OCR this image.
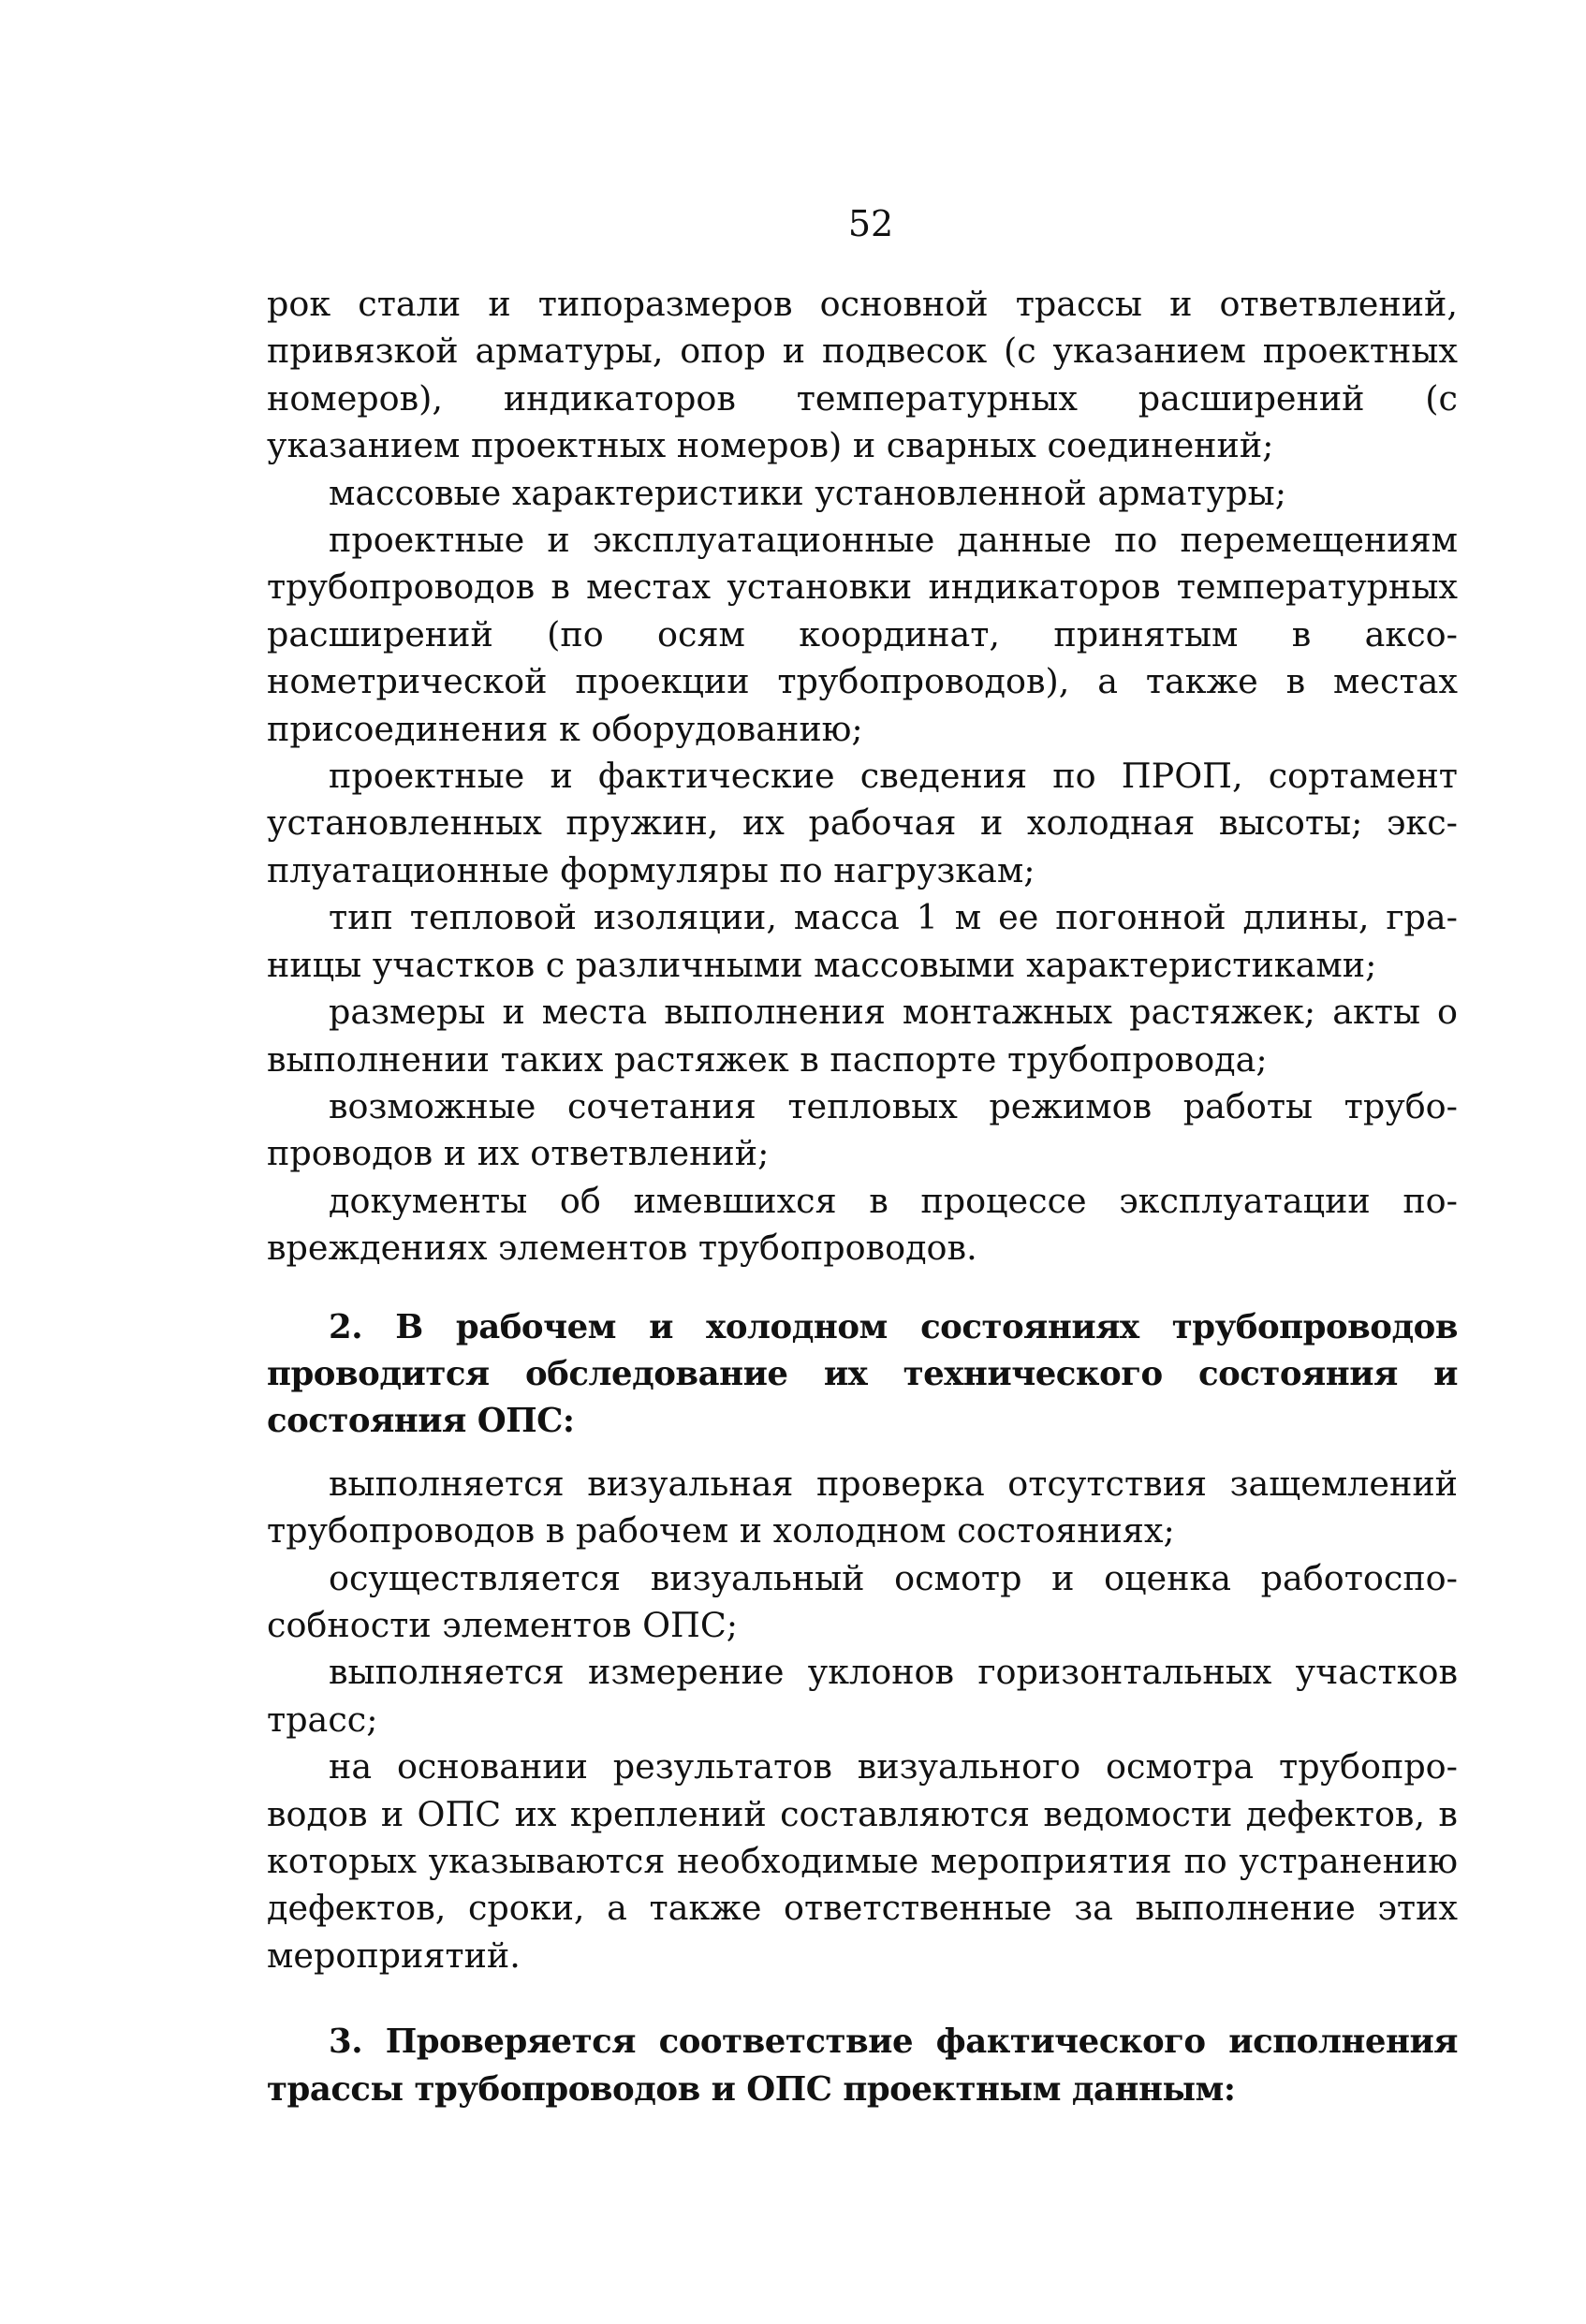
52

рок стали и типоразмеров основной трассы и ответвлений, привязкой арматуры, опор и подвесок (с указанием проектных номеров), индикаторов температурных расширений (с указанием проектных номеров) и сварных соединений;

массовые характеристики установленной арматуры;

проектные и эксплуатационные данные по перемещениям трубопроводов в местах установки индикаторов температурных расширений (по осям координат, принятым в аксонометрической проекции трубопроводов), а также в местах присоединения к оборудованию;

проектные и фактические сведения по ПРОП, сортамент установленных пружин, их рабочая и холодная высоты; эксплуатационные формуляры по нагрузкам;

тип тепловой изоляции, масса 1 м ее погонной длины, границы участков с различными массовыми характеристиками;

размеры и места выполнения монтажных растяжек; акты о выполнении таких растяжек в паспорте трубопровода;

возможные сочетания тепловых режимов работы трубопроводов и их ответвлений;

документы об имевшихся в процессе эксплуатации повреждениях элементов трубопроводов.

2. В рабочем и холодном состояниях трубопроводов проводится обследование их технического состояния и состояния ОПС:

выполняется визуальная проверка отсутствия защемлений трубопроводов в рабочем и холодном состояниях;

осуществляется визуальный осмотр и оценка работоспособности элементов ОПС;

выполняется измерение уклонов горизонтальных участков трасс;

на основании результатов визуального осмотра трубопроводов и ОПС их креплений составляются ведомости дефектов, в которых указываются необходимые мероприятия по устранению дефектов, сроки, а также ответственные за выполнение этих мероприятий.

3. Проверяется соответствие фактического исполнения трассы трубопроводов и ОПС проектным данным:
